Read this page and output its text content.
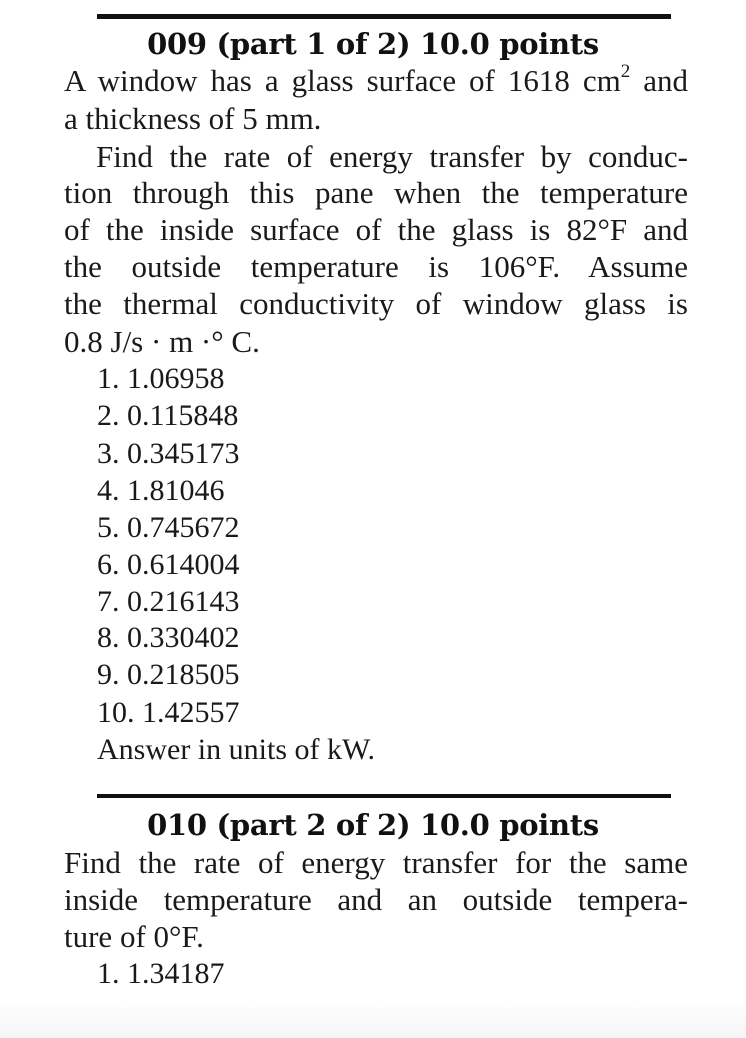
009 (part 1 of 2) 10.0 points
A window has a glass surface of 1618 $cm^2$ and
a thickness of 5 mm.
Find the rate of energy transfer by conduc-
tion through this pane when the temperature
of the inside surface of the glass is 82°F and
the outside temperature is 106°F. Assume
the thermal conductivity of window glass is
0.8 J/s · m ·° C.
1. 1.06958
2. 0.115848
3. 0.345173
4. 1.81046
5. 0.745672
6. 0.614004
7. 0.216143
8. 0.330402
9. 0.218505
10. 1.42557
Answer in units of kW.
010 (part 2 of 2) 10.0 points
Find the rate of energy transfer for the same
inside temperature and an outside tempera-
ture of 0°F.
1. 1.34187
